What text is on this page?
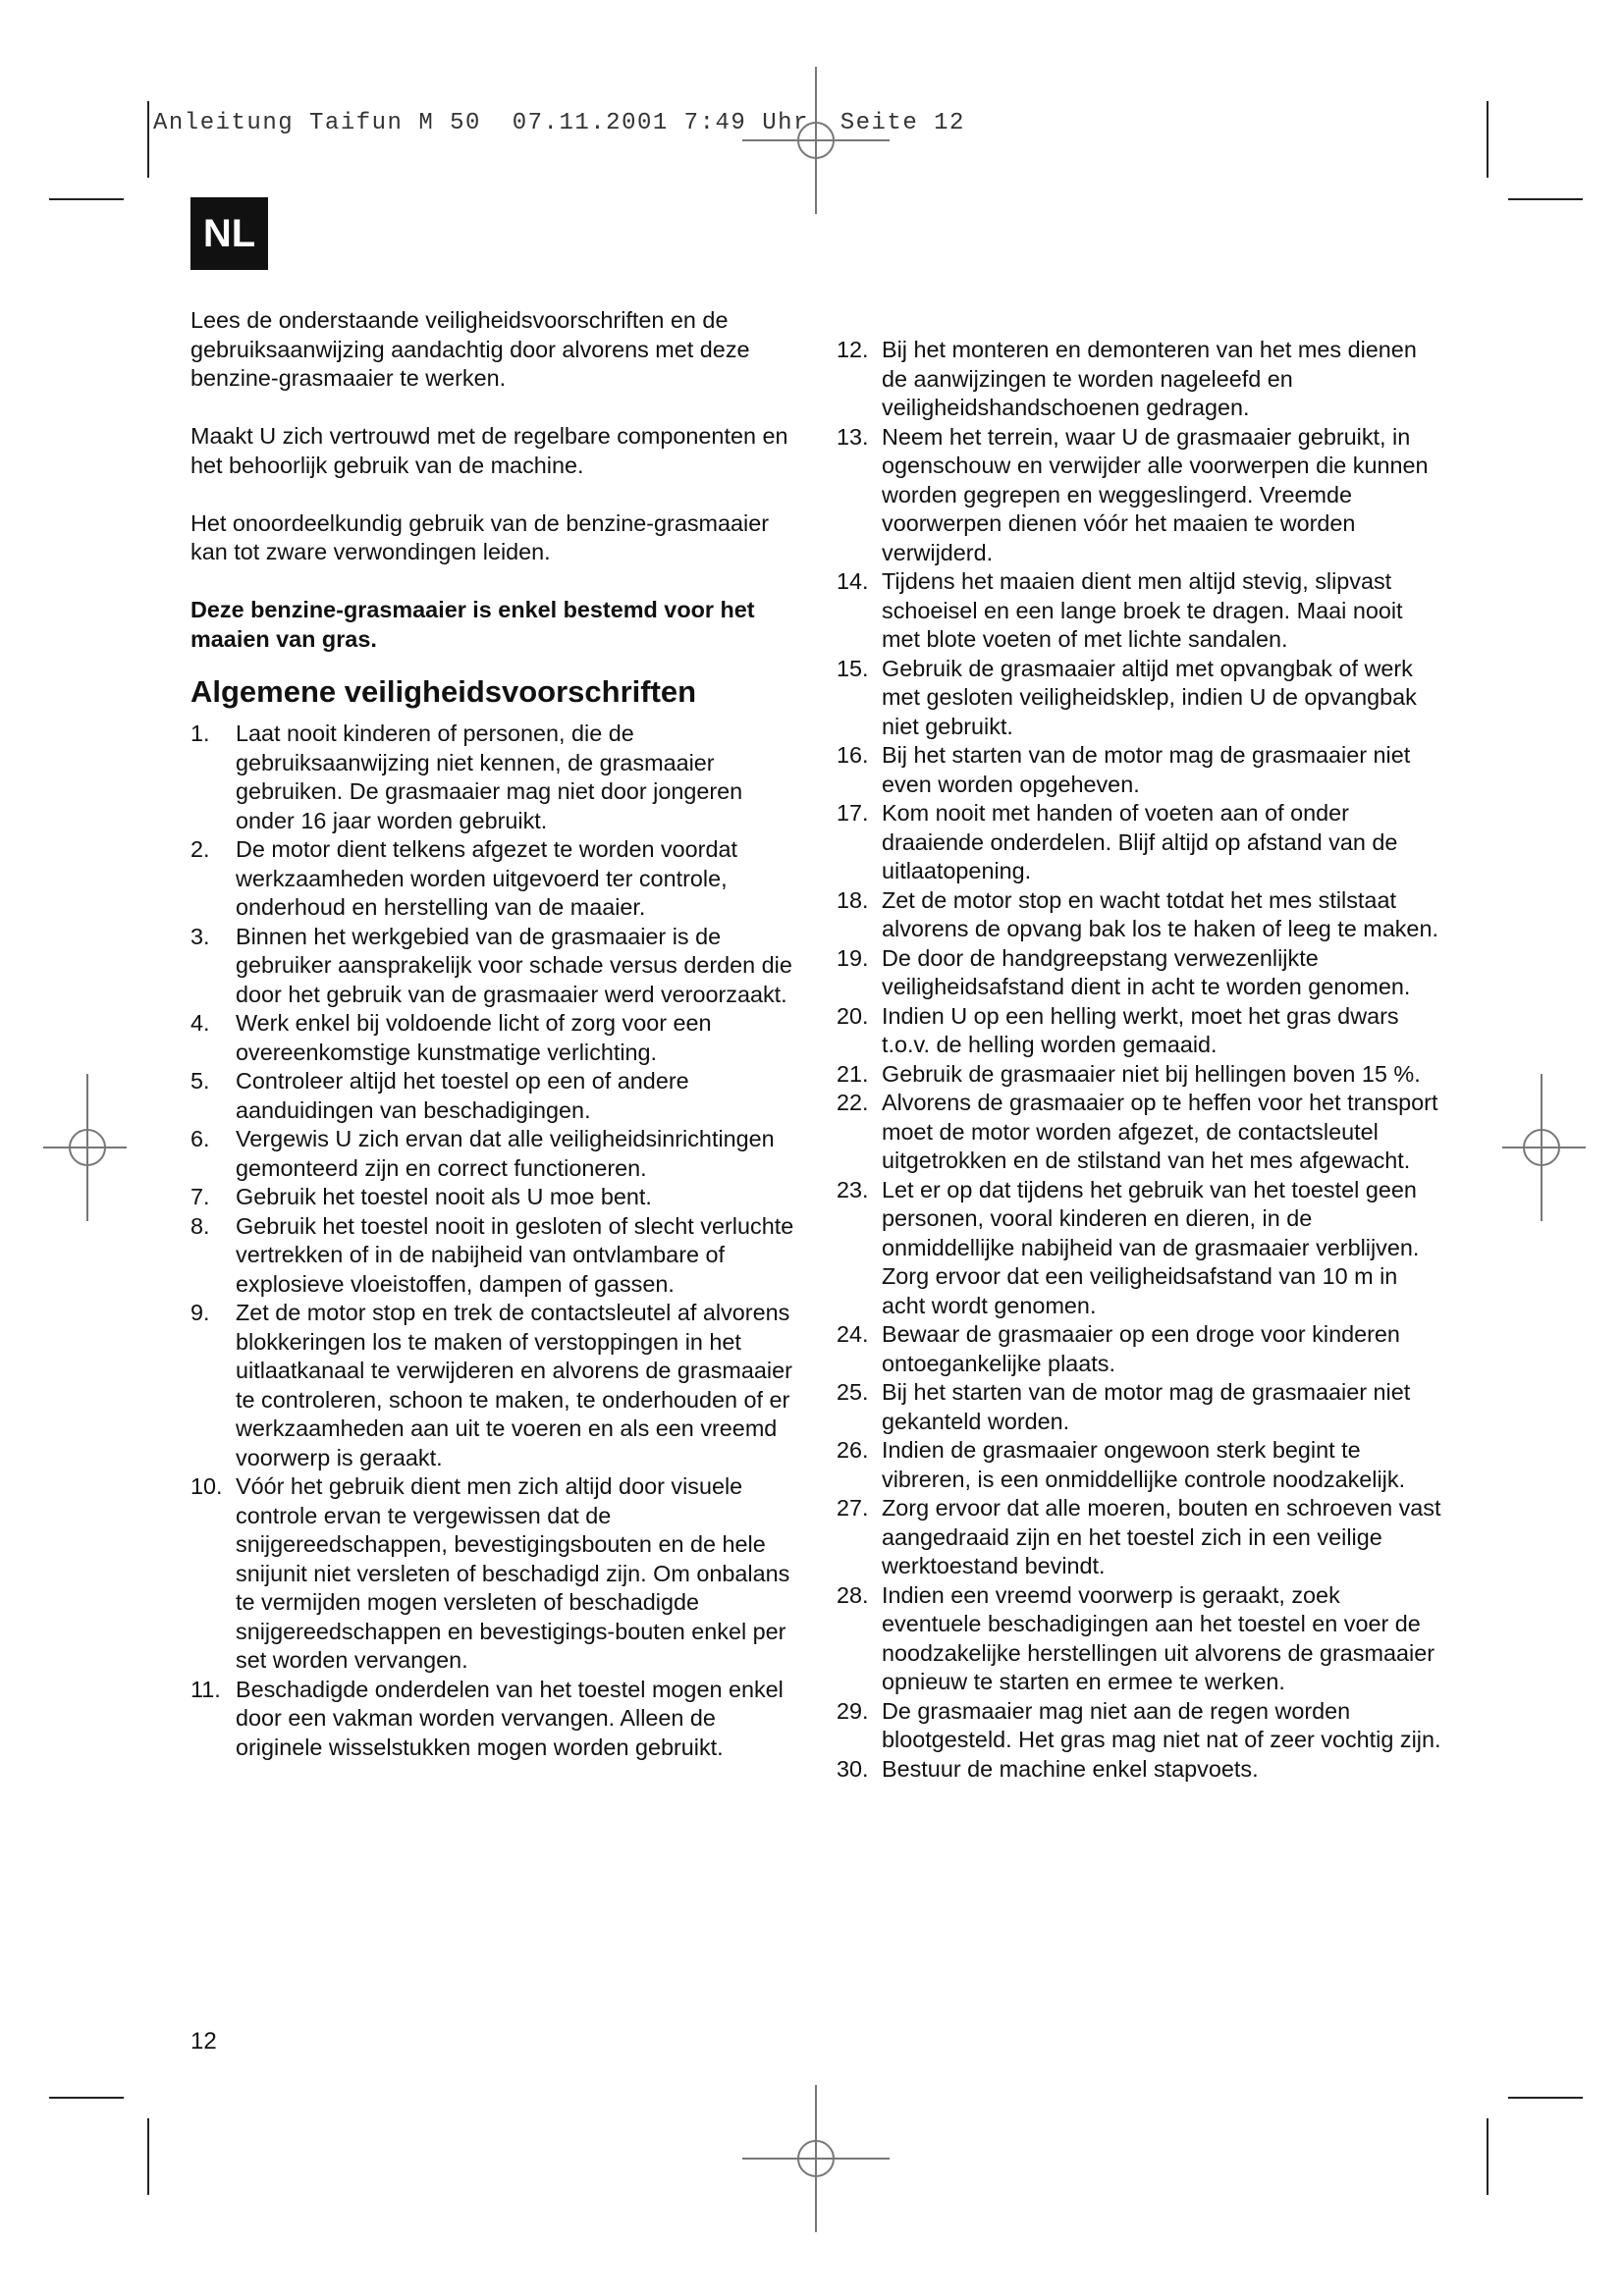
Anleitung Taifun M 50  07.11.2001 7:49 Uhr  Seite 12
NL

Lees de onderstaande veiligheidsvoorschriften en de gebruiksaanwijzing aandachtig door alvorens met deze benzine-grasmaaier te werken.

Maakt U zich vertrouwd met de regelbare componenten en het behoorlijk gebruik van de machine.

Het onoordeelkundig gebruik van de benzine-grasmaaier kan tot zware verwondingen leiden.

Deze benzine-grasmaaier is enkel bestemd voor het maaien van gras.

Algemene veiligheidsvoorschriften
1.	Laat nooit kinderen of personen, die de gebruiksaanwijzing niet kennen, de grasmaaier gebruiken. De grasmaaier mag niet door jongeren onder 16 jaar worden gebruikt.
2.	De motor dient telkens afgezet te worden voordat werkzaamheden worden uitgevoerd ter controle, onderhoud en herstelling van de maaier.
3.	Binnen het werkgebied van de grasmaaier is de gebruiker aansprakelijk voor schade versus derden die door het gebruik van de grasmaaier werd veroorzaakt.
4.	Werk enkel bij voldoende licht of zorg voor een overeenkomstige kunstmatige verlichting.
5.	Controleer altijd het toestel op een of andere aanduidingen van beschadigingen.
6.	Vergewis U zich ervan dat alle veiligheidsinrichtingen gemonteerd zijn en correct functioneren.
7.	Gebruik het toestel nooit als U moe bent.
8.	Gebruik het toestel nooit in gesloten of slecht verluchte vertrekken of in de nabijheid van ontvlambare of explosieve vloeistoffen, dampen of gassen.
9.	Zet de motor stop en trek de contactsleutel af alvorens blokkeringen los te maken of verstoppingen in het uitlaatkanaal te verwijderen en alvorens de grasmaaier te controleren, schoon te maken, te onderhouden of er werkzaamheden aan uit te voeren en als een vreemd voorwerp is geraakt.
10. Vóór het gebruik dient men zich altijd door visuele controle ervan te vergewissen dat de snijgereedschappen, bevestigingsbouten en de hele snijunit niet versleten of beschadigd zijn. Om onbalans te vermijden mogen versleten of beschadigde snijgereedschappen en bevestigings-bouten enkel per set worden vervangen.
11. Beschadigde onderdelen van het toestel mogen enkel door een vakman worden vervangen. Alleen de originele wisselstukken mogen worden gebruikt.
12. Bij het monteren en demonteren van het mes dienen de aanwijzingen te worden nageleefd en veiligheidshandschoenen gedragen.
13. Neem het terrein, waar U de grasmaaier gebruikt, in ogenschouw en verwijder alle voorwerpen die kunnen worden gegrepen en weggeslingerd. Vreemde voorwerpen dienen vóór het maaien te worden verwijderd.
14. Tijdens het maaien dient men altijd stevig, slipvast schoeisel en een lange broek te dragen. Maai nooit met blote voeten of met lichte sandalen.
15. Gebruik de grasmaaier altijd met opvangbak of werk met gesloten veiligheidsklep, indien U de opvangbak niet gebruikt.
16. Bij het starten van de motor mag de grasmaaier niet even worden opgeheven.
17. Kom nooit met handen of voeten aan of onder draaiende onderdelen. Blijf altijd op afstand van de uitlaatopening.
18. Zet de motor stop en wacht totdat het mes stilstaat alvorens de opvang bak los te haken of leeg te maken.
19. De door de handgreepstang verwezenlijkte veiligheidsafstand dient in acht te worden genomen.
20. Indien U op een helling werkt, moet het gras dwars t.o.v. de helling worden gemaaid.
21. Gebruik de grasmaaier niet bij hellingen boven 15 %.
22. Alvorens de grasmaaier op te heffen voor het transport moet de motor worden afgezet, de contactsleutel uitgetrokken en de stilstand van het mes afgewacht.
23. Let er op dat tijdens het gebruik van het toestel geen personen, vooral kinderen en dieren, in de onmiddellijke nabijheid van de grasmaaier verblijven. Zorg ervoor dat een veiligheidsafstand van 10 m in acht wordt genomen.
24. Bewaar de grasmaaier op een droge voor kinderen ontoegankelijke plaats.
25. Bij het starten van de motor mag de grasmaaier niet gekanteld worden.
26. Indien de grasmaaier ongewoon sterk begint te vibreren, is een onmiddellijke controle noodzakelijk.
27. Zorg ervoor dat alle moeren, bouten en schroeven vast aangedraaid zijn en het toestel zich in een veilige werktoestand bevindt.
28. Indien een vreemd voorwerp is geraakt, zoek eventuele beschadigingen aan het toestel en voer de noodzakelijke herstellingen uit alvorens de grasmaaier opnieuw te starten en ermee te werken.
29. De grasmaaier mag niet aan de regen worden blootgesteld. Het gras mag niet nat of zeer vochtig zijn.
30. Bestuur de machine enkel stapvoets.
12
